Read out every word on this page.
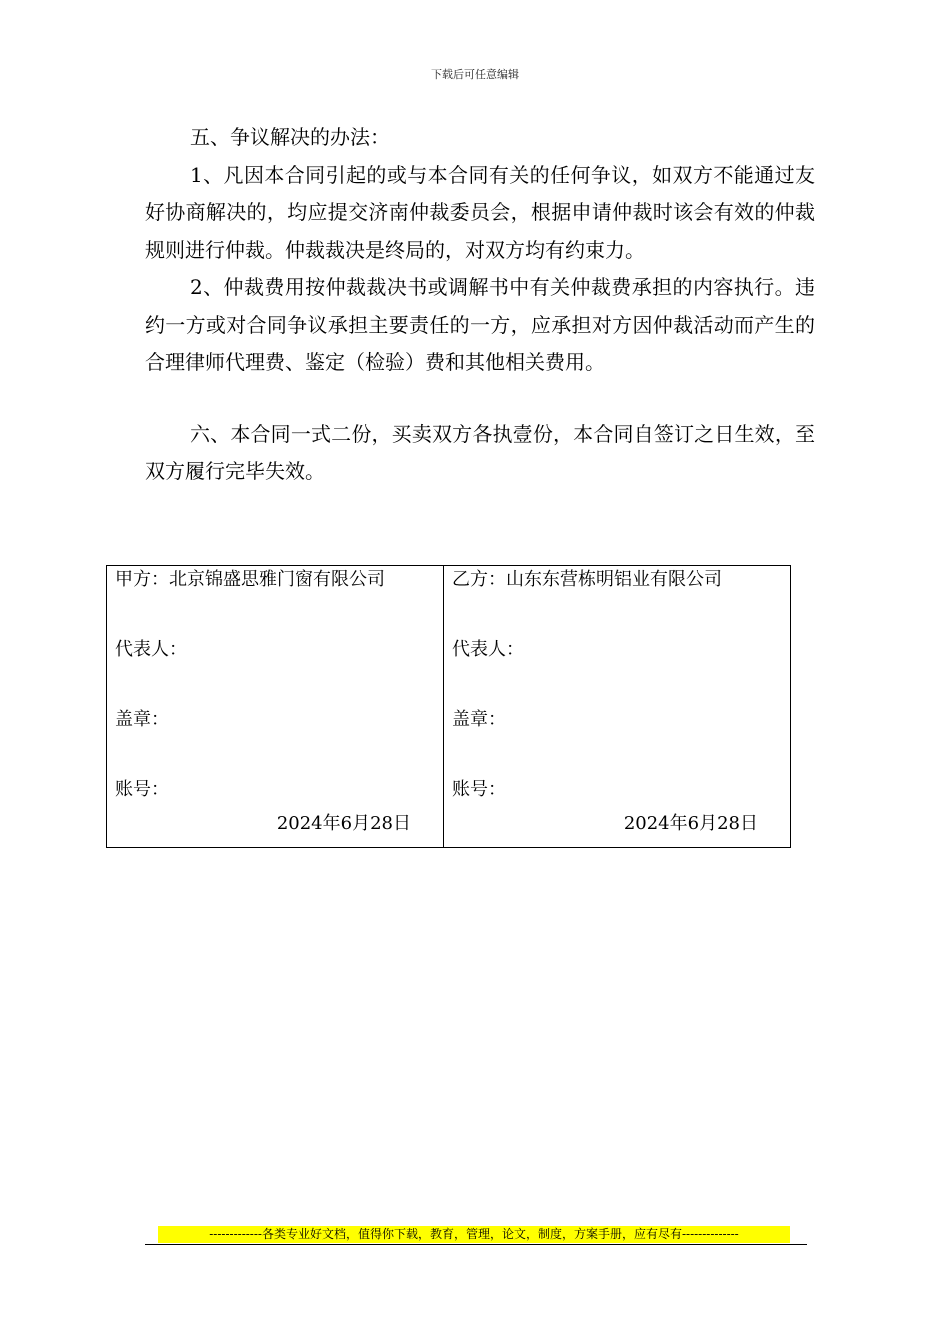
下载后可任意编辑

五、争议解决的办法：

1、凡因本合同引起的或与本合同有关的任何争议，如双方不能通过友好协商解决的，均应提交济南仲裁委员会，根据申请仲裁时该会有效的仲裁规则进行仲裁。仲裁裁决是终局的，对双方均有约束力。

2、仲裁费用按仲裁裁决书或调解书中有关仲裁费承担的内容执行。违约一方或对合同争议承担主要责任的一方，应承担对方因仲裁活动而产生的合理律师代理费、鉴定（检验）费和其他相关费用。

六、本合同一式二份，买卖双方各执壹份，本合同自签订之日生效，至双方履行完毕失效。

甲方：北京锦盛思雅门窗有限公司
代表人：
盖章：
账号：
2024年6月28日

乙方：山东东营栋明铝业有限公司
代表人：
盖章：
账号：
2024年6月28日
-------------各类专业好文档，值得你下载，教育，管理，论文，制度，方案手册，应有尽有--------------
